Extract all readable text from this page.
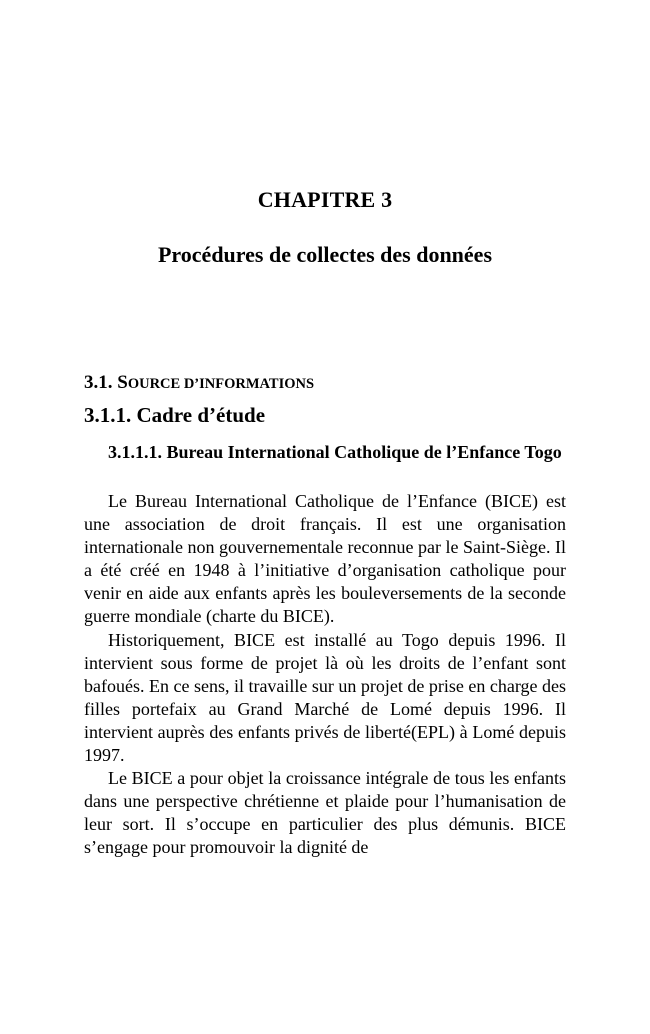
CHAPITRE 3
Procédures de collectes des données
3.1. SOURCE D’INFORMATIONS
3.1.1. Cadre d’étude
3.1.1.1. Bureau International Catholique de l’Enfance Togo

Le Bureau International Catholique de l’Enfance (BICE) est une association de droit français. Il est une organisation internationale non gouvernementale reconnue par le Saint-Siège. Il a été créé en 1948 à l’initiative d’organisation catholique pour venir en aide aux enfants après les bouleversements de la seconde guerre mondiale (charte du BICE).

Historiquement, BICE est installé au Togo depuis 1996. Il intervient sous forme de projet là où les droits de l’enfant sont bafoués. En ce sens, il travaille sur un projet de prise en charge des filles portefaix au Grand Marché de Lomé depuis 1996. Il intervient auprès des enfants privés de liberté(EPL) à Lomé depuis 1997.

Le BICE a pour objet la croissance intégrale de tous les enfants dans une perspective chrétienne et plaide pour l’humanisation de leur sort. Il s’occupe en particulier des plus démunis. BICE s’engage pour promouvoir la dignité de
